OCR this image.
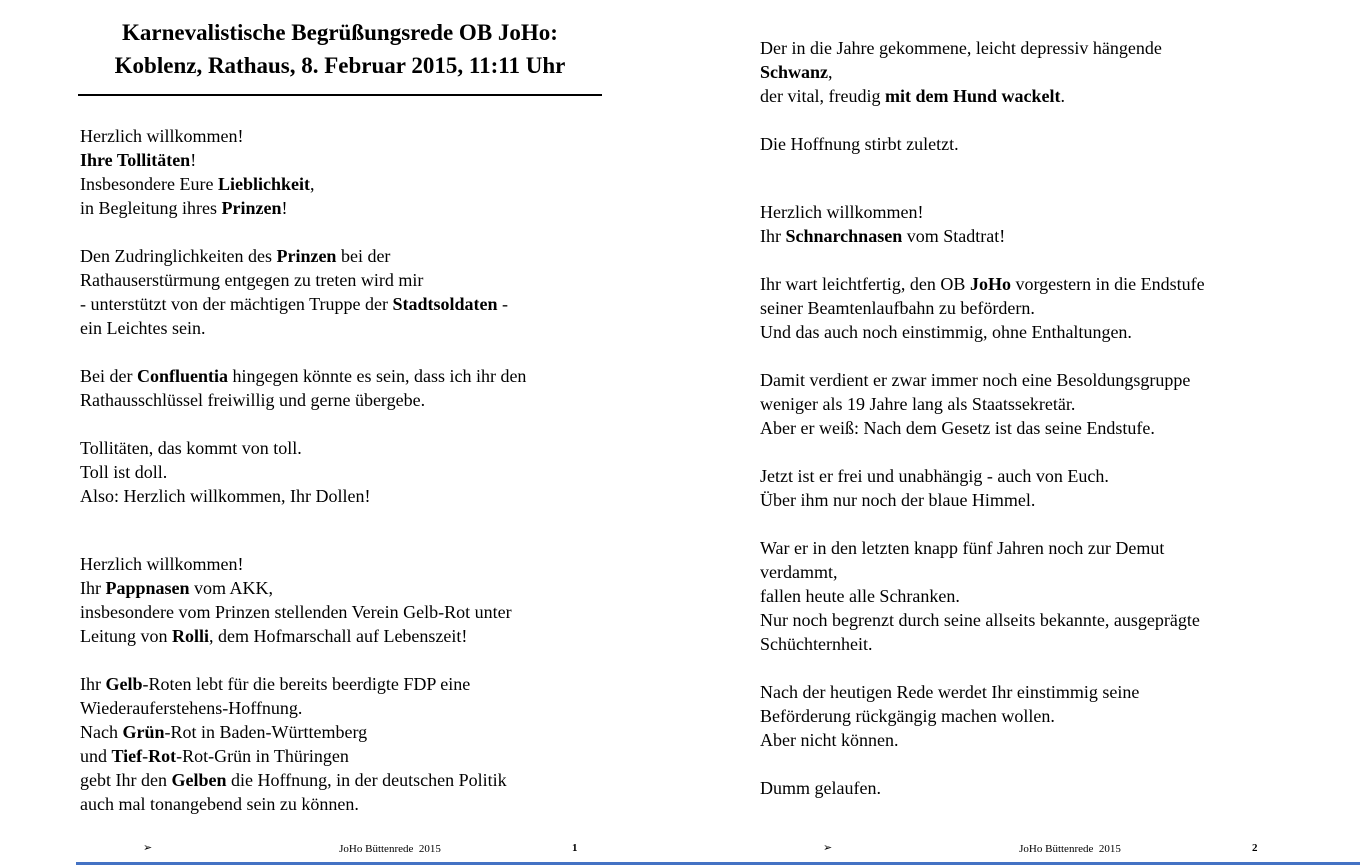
Karnevalistische Begrüßungsrede OB JoHo:
Koblenz, Rathaus, 8. Februar 2015, 11:11 Uhr

Herzlich willkommen!
Ihre Tollitäten!
Insbesondere Eure Lieblichkeit,
in Begleitung ihres Prinzen!

Den Zudringlichkeiten des Prinzen bei der
Rathauserstürmung entgegen zu treten wird mir
- unterstützt von der mächtigen Truppe der Stadtsoldaten -
ein Leichtes sein.

Bei der Confluentia hingegen könnte es sein, dass ich ihr den
Rathausschlüssel freiwillig und gerne übergebe.

Tollitäten, das kommt von toll.
Toll ist doll.
Also: Herzlich willkommen, Ihr Dollen!

Herzlich willkommen!
Ihr Pappnasen vom AKK,
insbesondere vom Prinzen stellenden Verein Gelb-Rot unter
Leitung von Rolli, dem Hofmarschall auf Lebenszeit!

Ihr Gelb-Roten lebt für die bereits beerdigte FDP eine
Wiederauferstehens-Hoffnung.
Nach Grün-Rot in Baden-Württemberg
und Tief-Rot-Rot-Grün in Thüringen
gebt Ihr den Gelben die Hoffnung, in der deutschen Politik
auch mal tonangebend sein zu können.

➢	JoHo Büttenrede  2015	1

Der in die Jahre gekommene, leicht depressiv hängende
Schwanz,
der vital, freudig mit dem Hund wackelt.

Die Hoffnung stirbt zuletzt.

Herzlich willkommen!
Ihr Schnarchnasen vom Stadtrat!

Ihr wart leichtfertig, den OB JoHo vorgestern in die Endstufe
seiner Beamtenlaufbahn zu befördern.
Und das auch noch einstimmig, ohne Enthaltungen.

Damit verdient er zwar immer noch eine Besoldungsgruppe
weniger als 19 Jahre lang als Staatssekretär.
Aber er weiß: Nach dem Gesetz ist das seine Endstufe.

Jetzt ist er frei und unabhängig - auch von Euch.
Über ihm nur noch der blaue Himmel.

War er in den letzten knapp fünf Jahren noch zur Demut
verdammt,
fallen heute alle Schranken.
Nur noch begrenzt durch seine allseits bekannte, ausgeprägte
Schüchternheit.

Nach der heutigen Rede werdet Ihr einstimmig seine
Beförderung rückgängig machen wollen.
Aber nicht können.

Dumm gelaufen.

➢	JoHo Büttenrede  2015	2
